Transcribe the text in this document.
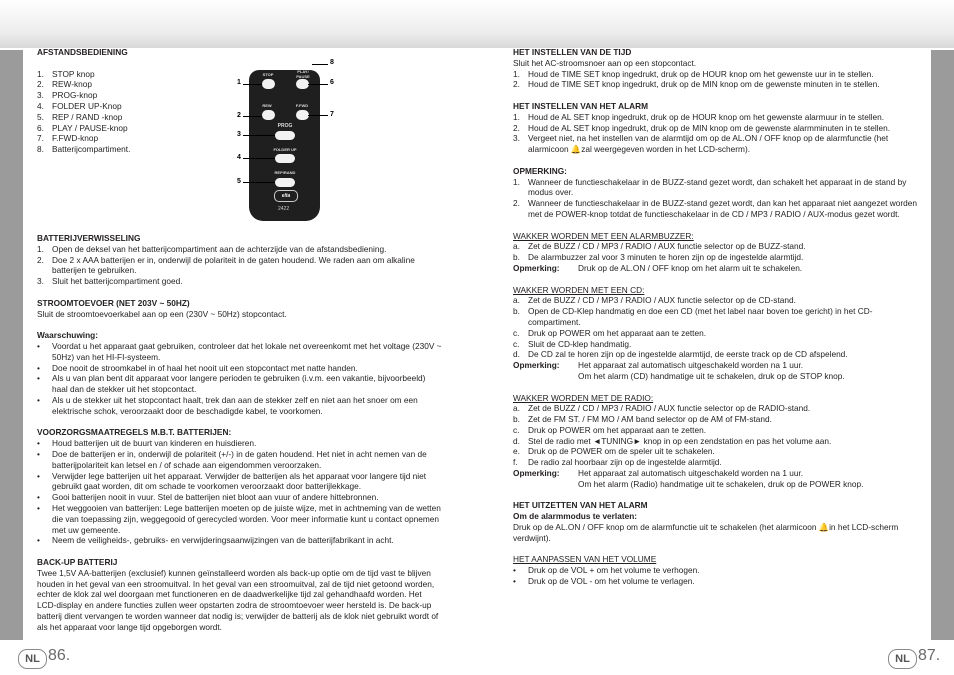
AFSTANDSBEDIENING

1. STOP knop
2. REW-knop
3. PROG-knop
4. FOLDER UP-Knop
5. REP / RAND -knop
6. PLAY / PAUSE-knop
7. F.FWD-knop
8. Batterijcompartiment.
STOP
PLAY/ PAUSE
REW	F.FWD
PROG
FOLDER UP
REP/RAND
elta
2422
1
2
3
4
5
6
7
8

BATTERIJVERWISSELING

1. Open de deksel van het batterijcompartiment aan de achterzijde van de afstandsbediening.
2. Doe 2 x AAA batterijen er in, onderwijl de polariteit in de gaten houdend. We raden aan om alkaline batterijen te gebruiken.
3. Sluit het batterijcompartiment goed.

STROOMTOEVOER (NET 203V ~ 50HZ)

Sluit de stroomtoevoerkabel aan op een (230V ~ 50Hz) stopcontact.

Waarschuwing:

•	Voordat u het apparaat gaat gebruiken, controleer dat het lokale net overeenkomt met het voltage (230V ~ 50Hz) van het HI-FI-systeem.
•	Doe nooit de stroomkabel in of haal het nooit uit een stopcontact met natte handen.
•	Als u van plan bent dit apparaat voor langere perioden te gebruiken (i.v.m. een vakantie, bijvoorbeeld) haal dan de stekker uit het stopcontact.
•	Als u de stekker uit het stopcontact haalt, trek dan aan de stekker zelf en niet aan het snoer om een elektrische schok, veroorzaakt door de beschadigde kabel, te voorkomen.

VOORZORGSMAATREGELS M.B.T. BATTERIJEN:

•	Houd batterijen uit de buurt van kinderen en huisdieren.
•	Doe de batterijen er in, onderwijl de polariteit (+/-) in de gaten houdend. Het niet in acht nemen van de batterijpolariteit kan letsel en / of schade aan eigendommen veroorzaken.
•	Verwijder lege batterijen uit het apparaat. Verwijder de batterijen als het apparaat voor langere tijd niet gebruikt gaat worden, dit om schade te voorkomen veroorzaakt door batterijlekkage.
•	Gooi batterijen nooit in vuur. Stel de batterijen niet bloot aan vuur of andere hittebronnen.
•	Het weggooien van batterijen: Lege batterijen moeten op de juiste wijze, met in achtneming van de wetten die van toepassing zijn, weggegooid of gerecycled worden. Voor meer informatie kunt u contact opnemen met uw gemeente.
•	Neem de veiligheids-, gebruiks- en verwijderingsaanwijzingen van de batterijfabrikant in acht.

BACK-UP BATTERIJ

Twee 1,5V AA-batterijen (exclusief) kunnen geïnstalleerd worden als back-up optie om de tijd vast te blijven houden in het geval van een stroomuitval. In het geval van een stroomuitval, zal de tijd niet getoond worden, echter de klok zal wel doorgaan met functioneren en de daadwerkelijke tijd zal gehandhaafd worden. Het LCD-display en andere functies zullen weer opstarten zodra de stroomtoevoer weer hersteld is. De back-up batterij dient vervangen te worden wanneer dat nodig is; verwijder de batterij als de klok niet gebruikt wordt of als het apparaat voor lange tijd opgeborgen wordt.

HET INSTELLEN VAN DE TIJD

Sluit het AC-stroomsnoer aan op een stopcontact.

1. Houd de TIME SET knop ingedrukt, druk op de HOUR knop om het gewenste uur in te stellen.
2. Houd de TIME SET knop ingedrukt, druk op de MIN knop om de gewenste minuten in te stellen.

HET INSTELLEN VAN HET ALARM

1. Houd de AL SET knop ingedrukt, druk op de HOUR knop om het gewenste alarmuur in te stellen.
2. Houd de AL SET knop ingedrukt, druk op de MIN knop om de gewenste alarmminuten in te stellen.
3. Vergeet niet, na het instellen van de alarmtijd om op de AL.ON / OFF knop op de alarmfunctie (het alarmicoon 🔔zal weergegeven worden in het LCD-scherm).

OPMERKING:

1. Wanneer de functieschakelaar in de BUZZ-stand gezet wordt, dan schakelt het apparaat in de stand by modus over.
2. Wanneer de functieschakelaar in de BUZZ-stand gezet wordt, dan kan het apparaat niet aangezet worden met de POWER-knop totdat de functieschakelaar in de CD / MP3 / RADIO / AUX-modus gezet wordt.

WAKKER WORDEN MET EEN ALARMBUZZER:

a. Zet de BUZZ / CD / MP3 / RADIO / AUX functie selector op de BUZZ-stand.
b. De alarmbuzzer zal voor 3 minuten te horen zijn op de ingestelde alarmtijd.
Opmerking:	Druk op de AL.ON / OFF knop om het alarm uit te schakelen.

WAKKER WORDEN MET EEN CD:

a. Zet de BUZZ / CD / MP3 / RADIO / AUX functie selector op de CD-stand.
b. Open de CD-Klep handmatig en doe een CD (met het label naar boven toe gericht) in het CD-compartiment.
c.	Druk op POWER om het apparaat aan te zetten.
c.	Sluit de CD-klep handmatig.
d. De CD zal te horen zijn op de ingestelde alarmtijd, de eerste track op de CD afspelend.
Opmerking:	Het apparaat zal automatisch uitgeschakeld worden na 1 uur.

Om het alarm (CD) handmatige uit te schakelen, druk op de STOP knop.

WAKKER WORDEN MET DE RADIO:

a. Zet de BUZZ / CD / MP3 / RADIO / AUX functie selector op de RADIO-stand.
b. Zet de FM ST. / FM MO / AM band selector op de AM of FM-stand.
c.	Druk op POWER om het apparaat aan te zetten.
d. Stel de radio met ◄TUNING► knop in op een zendstation en pas het volume aan.
e. Druk op de POWER om de speler uit te schakelen.
f.	De radio zal hoorbaar zijn op de ingestelde alarmtijd.
Opmerking:	Het apparaat zal automatisch uitgeschakeld worden na 1 uur.

Om het alarm (Radio) handmatige uit te schakelen, druk op de POWER knop.

HET UITZETTEN VAN HET ALARM

Om de alarmmodus te verlaten:

Druk op de AL.ON / OFF knop om de alarmfunctie uit te schakelen (het alarmicoon 🔔in het LCD-scherm verdwijnt).

HET AANPASSEN VAN HET VOLUME

•	Druk op de VOL + om het volume te verhogen.
•	Druk op de VOL - om het volume te verlagen.
NL 86.	NL 87.
